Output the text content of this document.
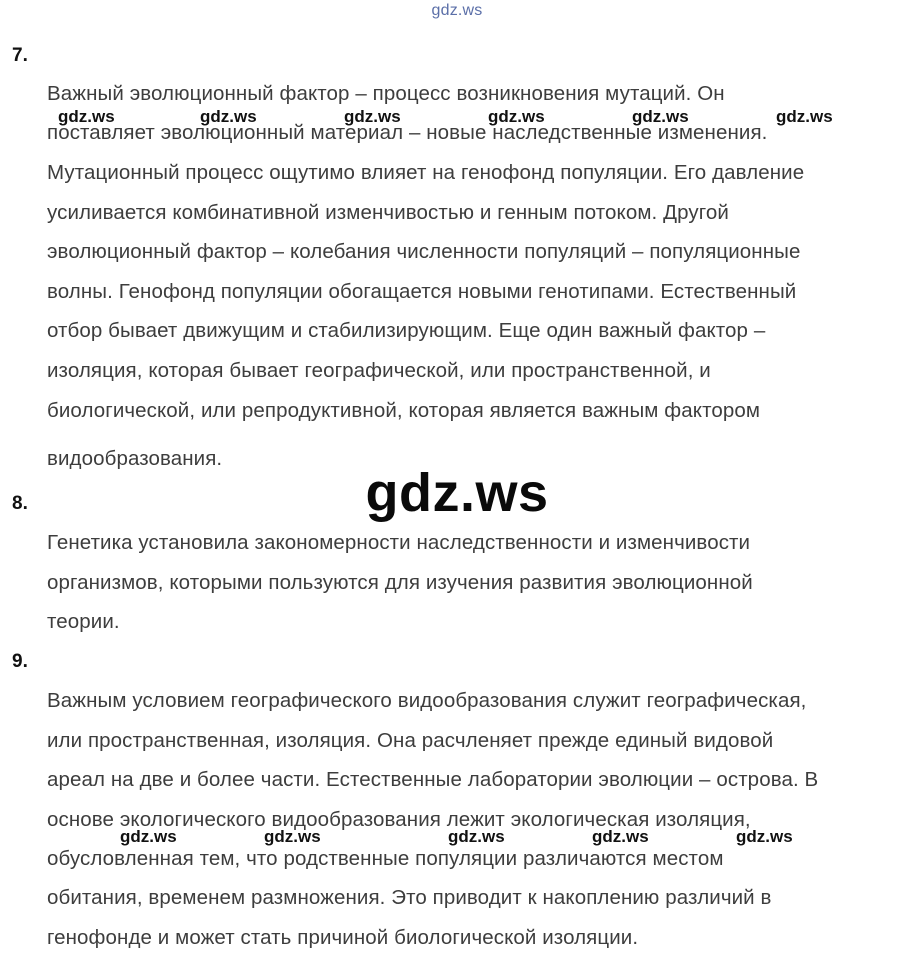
gdz.ws
7.
Важный эволюционный фактор – процесс возникновения мутаций. Он
поставляет эволюционный материал – новые наследственные изменения.
Мутационный процесс ощутимо влияет на генофонд популяции. Его давление
усиливается комбинативной изменчивостью и генным потоком. Другой
эволюционный фактор – колебания численности популяций – популяционные
волны. Генофонд популяции обогащается новыми генотипами. Естественный
отбор бывает движущим и стабилизирующим. Еще один важный фактор –
изоляция, которая бывает географической, или пространственной, и
биологической, или репродуктивной, которая является важным фактором
видообразования.
gdz.ws	gdz.ws	gdz.ws	gdz.ws	gdz.ws	gdz.ws
gdz.ws
8.
Генетика установила закономерности наследственности и изменчивости
организмов, которыми пользуются для изучения развития эволюционной
теории.
9.
Важным условием географического видообразования служит географическая,
или пространственная, изоляция. Она расчленяет прежде единый видовой
ареал на две и более части. Естественные лаборатории эволюции – острова. В
основе экологического видообразования лежит экологическая изоляция,
обусловленная тем, что родственные популяции различаются местом
обитания, временем размножения. Это приводит к накоплению различий в
генофонде и может стать причиной биологической изоляции.
gdz.ws	gdz.ws	gdz.ws	gdz.ws	gdz.ws
